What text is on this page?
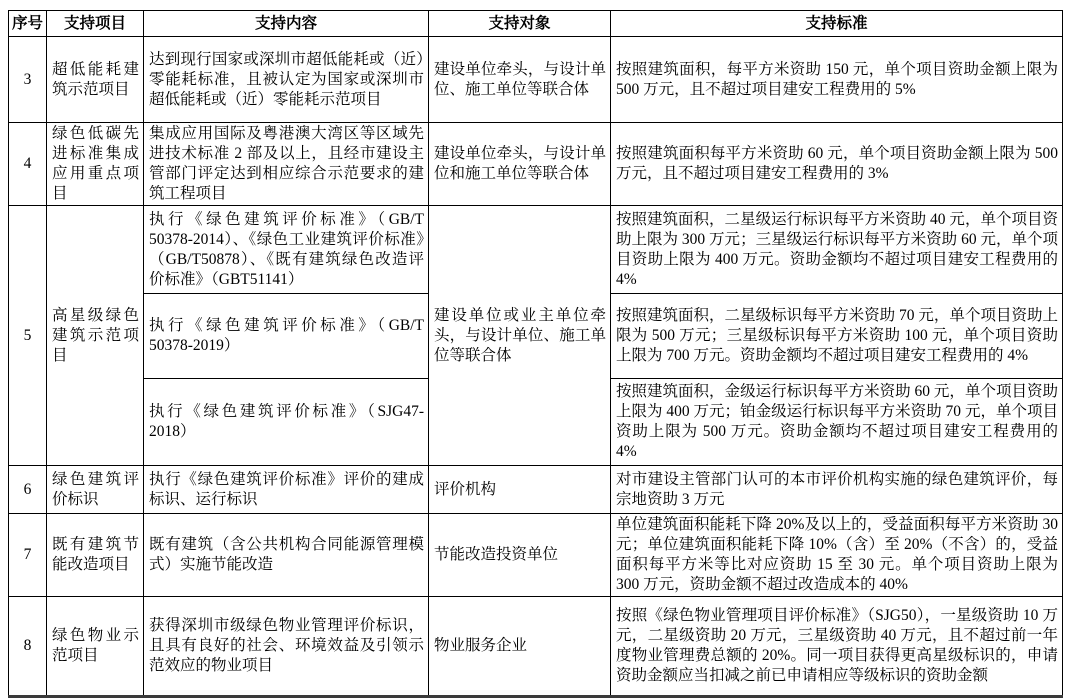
序号	支持项目	支持内容	支持对象	支持标准
3	超低能耗建筑示范项目	达到现行国家或深圳市超低能耗或（近）零能耗标准，且被认定为国家或深圳市超低能耗或（近）零能耗示范项目	建设单位牵头，与设计单位、施工单位等联合体	按照建筑面积，每平方米资助 150 元，单个项目资助金额上限为 500 万元，且不超过项目建安工程费用的 5%
4	绿色低碳先进标准集成应用重点项目	集成应用国际及粤港澳大湾区等区域先进技术标准 2 部及以上，且经市建设主管部门评定达到相应综合示范要求的建筑工程项目	建设单位牵头，与设计单位和施工单位等联合体	按照建筑面积每平方米资助 60 元，单个项目资助金额上限为 500 万元，且不超过项目建安工程费用的 3%
5	高星级绿色建筑示范项目	执行《绿色建筑评价标准》（GB/T 50378-2014）、《绿色工业建筑评价标准》（GB/T50878）、《既有建筑绿色改造评价标准》（GBT51141）	建设单位或业主单位牵头，与设计单位、施工单位等联合体	按照建筑面积，二星级运行标识每平方米资助 40 元，单个项目资助上限为 300 万元；三星级运行标识每平方米资助 60 元，单个项目资助上限为 400 万元。资助金额均不超过项目建安工程费用的 4%
		执行《绿色建筑评价标准》（GB/T 50378-2019）		按照建筑面积，二星级标识每平方米资助 70 元，单个项目资助上限为 500 万元；三星级标识每平方米资助 100 元，单个项目资助上限为 700 万元。资助金额均不超过项目建安工程费用的 4%
		执行《绿色建筑评价标准》（SJG47-2018）		按照建筑面积，金级运行标识每平方米资助 60 元，单个项目资助上限为 400 万元；铂金级运行标识每平方米资助 70 元，单个项目资助上限为 500 万元。资助金额均不超过项目建安工程费用的 4%
6	绿色建筑评价标识	执行《绿色建筑评价标准》评价的建成标识、运行标识	评价机构	对市建设主管部门认可的本市评价机构实施的绿色建筑评价，每宗地资助 3 万元
7	既有建筑节能改造项目	既有建筑（含公共机构合同能源管理模式）实施节能改造	节能改造投资单位	单位建筑面积能耗下降 20%及以上的，受益面积每平方米资助 30 元；单位建筑面积能耗下降 10%（含）至 20%（不含）的，受益面积每平方米等比对应资助 15 至 30 元。单个项目资助上限为 300 万元，资助金额不超过改造成本的 40%
8	绿色物业示范项目	获得深圳市级绿色物业管理评价标识，且具有良好的社会、环境效益及引领示范效应的物业项目	物业服务企业	按照《绿色物业管理项目评价标准》（SJG50），一星级资助 10 万元，二星级资助 20 万元，三星级资助 40 万元，且不超过前一年度物业管理费总额的 20%。同一项目获得更高星级标识的，申请资助金额应当扣减之前已申请相应等级标识的资助金额
